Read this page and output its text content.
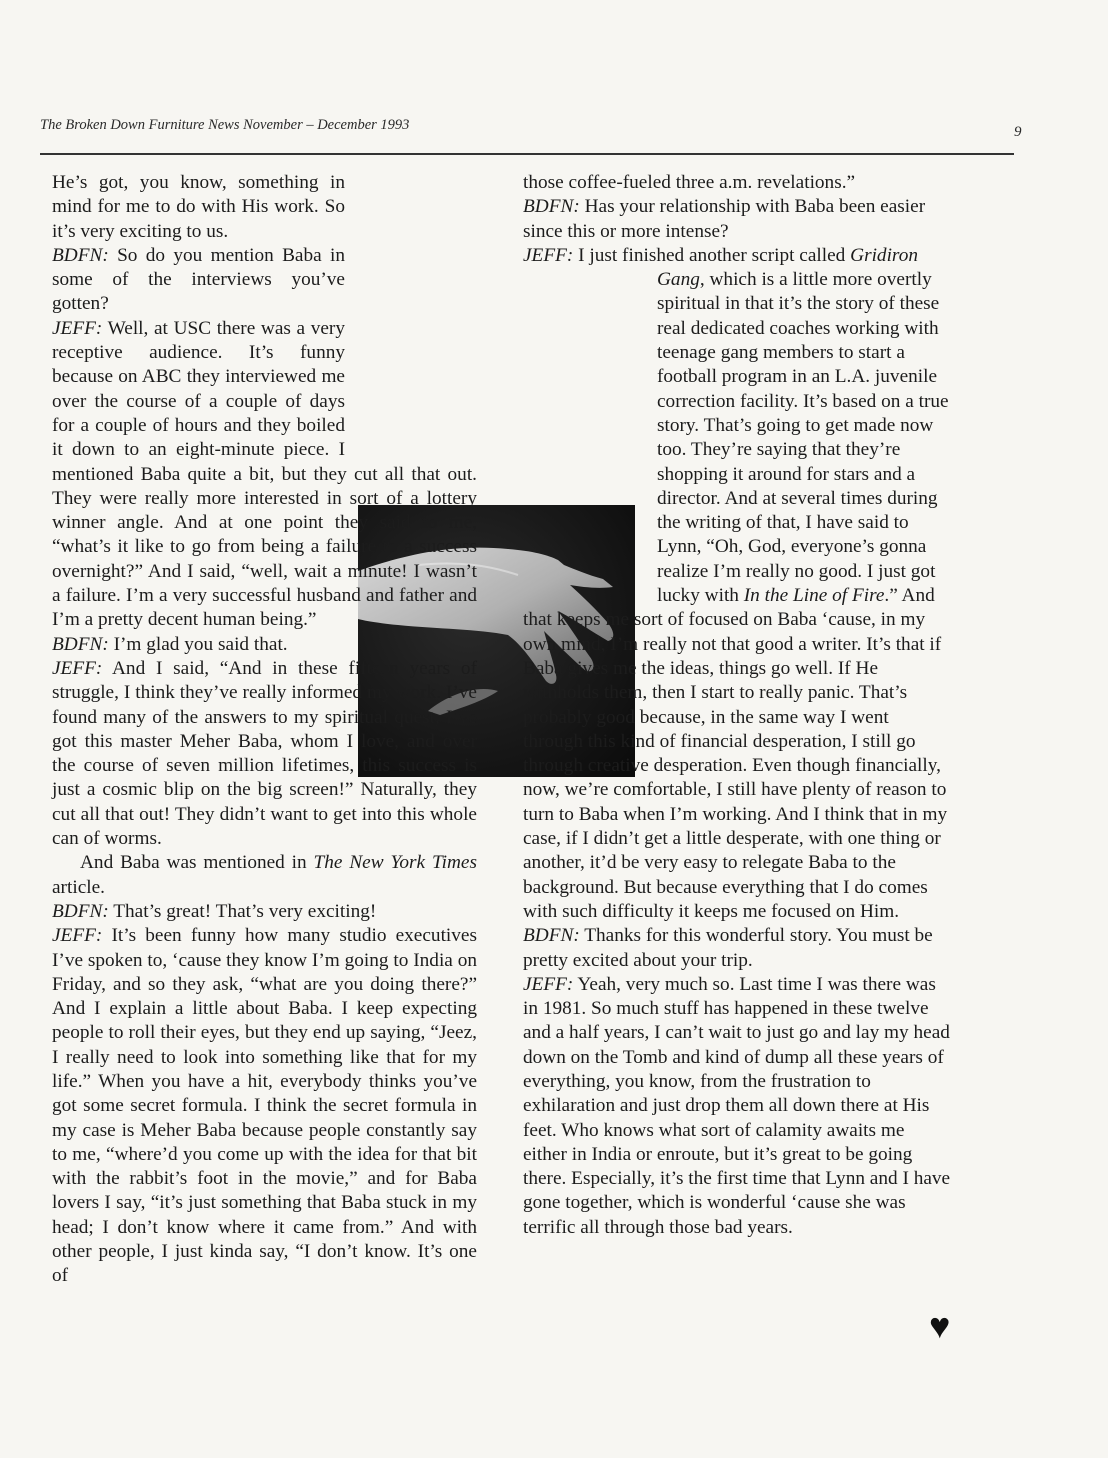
The Broken Down Furniture News November – December 1993	9

He’s got, you know, something in mind for me to do with His work. So it’s very exciting to us.

BDFN: So do you mention Baba in some of the interviews you’ve gotten?

JEFF: Well, at USC there was a very receptive audience. It’s funny because on ABC they interviewed me over the course of a couple of days for a couple of hours and they boiled it down to an eight-minute piece. I mentioned Baba quite a bit, but they cut all that out. They were really more interested in sort of a lottery winner angle. And at one point they said to me, “what’s it like to go from being a failure to a success overnight?” And I said, “well, wait a minute! I wasn’t a failure. I’m a very successful husband and father and I’m a pretty decent human being.”

BDFN: I’m glad you said that.

JEFF: And I said, “And in these fifteen years of struggle, I think they’ve really informed my work. I’ve found many of the answers to my spiritual quest, I’ve got this master Meher Baba, whom I love, and over the course of seven million lifetimes, this success is just a cosmic blip on the big screen!” Naturally, they cut all that out! They didn’t want to get into this whole can of worms.

And Baba was mentioned in The New York Times article.

BDFN: That’s great! That’s very exciting!

JEFF: It’s been funny how many studio executives I’ve spoken to, ‘cause they know I’m going to India on Friday, and so they ask, “what are you doing there?” And I explain a little about Baba. I keep expecting people to roll their eyes, but they end up saying, “Jeez, I really need to look into something like that for my life.” When you have a hit, everybody thinks you’ve got some secret formula. I think the secret formula in my case is Meher Baba because people constantly say to me, “where’d you come up with the idea for that bit with the rabbit’s foot in the movie,” and for Baba lovers I say, “it’s just something that Baba stuck in my head; I don’t know where it came from.” And with other people, I just kinda say, “I don’t know. It’s one of

those coffee-fueled three a.m. revelations.”

BDFN: Has your relationship with Baba been easier since this or more intense?

JEFF: I just finished another script called Gridiron Gang
, which is a little more overtly spiritual in that it’s the story of these real dedicated coaches working with teenage gang members to start a football program in an L.A. juvenile correction facility. It’s based on a true story. That’s going to get made now too. They’re saying that they’re shopping it around for stars and a director. And at several times during the writing of that, I have said to Lynn, “Oh, God, everyone’s gonna realize I’m really no good. I just got lucky with In the Line of Fire.” And that keeps me sort of focused on Baba ‘cause, in my own mind, I’m really not that good a writer. It’s that if Baba gives me the ideas, things go well. If He withholds them, then I start to really panic. That’s probably good because, in the same way I went through this kind of financial desperation, I still go through creative desperation. Even though financially, now, we’re comfortable, I still have plenty of reason to turn to Baba when I’m working. And I think that in my case, if I didn’t get a little desperate, with one thing or another, it’d be very easy to relegate Baba to the background. But because everything that I do comes with such difficulty it keeps me focused on Him.

BDFN: Thanks for this wonderful story. You must be pretty excited about your trip.

JEFF: Yeah, very much so. Last time I was there was in 1981. So much stuff has happened in these twelve and a half years, I can’t wait to just go and lay my head down on the Tomb and kind of dump all these years of everything, you know, from the frustration to exhilaration and just drop them all down there at His feet. Who knows what sort of calamity awaits me either in India or enroute, but it’s great to be going there. Especially, it’s the first time that Lynn and I have gone together, which is wonderful ‘cause she was terrific all through those bad years.

♥
